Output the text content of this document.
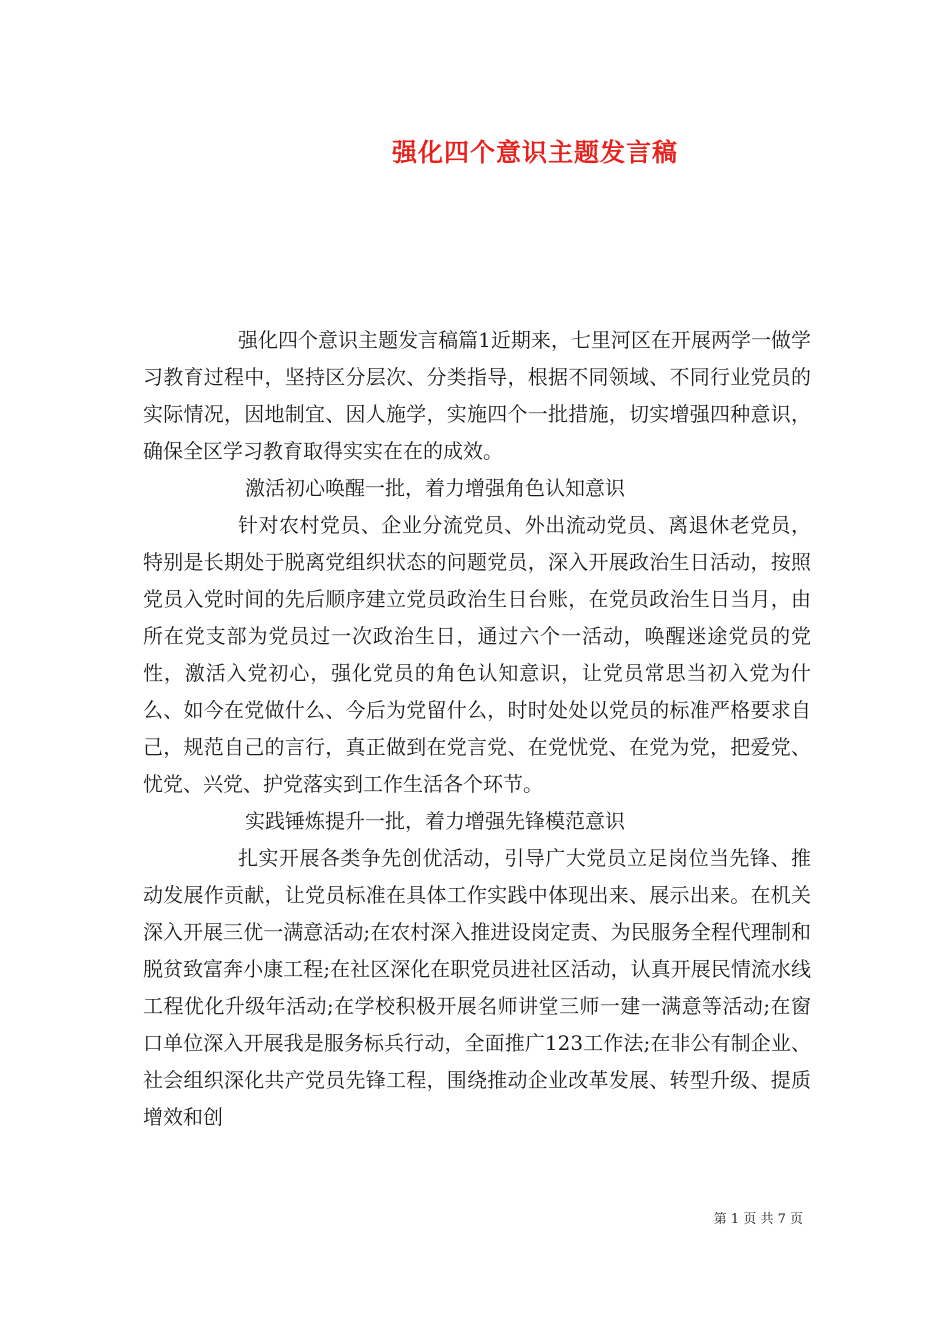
强化四个意识主题发言稿

强化四个意识主题发言稿篇1近期来，七里河区在开展两学一做学习教育过程中，坚持区分层次、分类指导，根据不同领域、不同行业党员的实际情况，因地制宜、因人施学，实施四个一批措施，切实增强四种意识，确保全区学习教育取得实实在在的成效。

激活初心唤醒一批，着力增强角色认知意识

针对农村党员、企业分流党员、外出流动党员、离退休老党员，特别是长期处于脱离党组织状态的问题党员，深入开展政治生日活动，按照党员入党时间的先后顺序建立党员政治生日台账，在党员政治生日当月，由所在党支部为党员过一次政治生日，通过六个一活动，唤醒迷途党员的党性，激活入党初心，强化党员的角色认知意识，让党员常思当初入党为什么、如今在党做什么、今后为党留什么，时时处处以党员的标准严格要求自己，规范自己的言行，真正做到在党言党、在党忧党、在党为党，把爱党、忧党、兴党、护党落实到工作生活各个环节。

实践锤炼提升一批，着力增强先锋模范意识

扎实开展各类争先创优活动，引导广大党员立足岗位当先锋、推动发展作贡献，让党员标准在具体工作实践中体现出来、展示出来。在机关深入开展三优一满意活动;在农村深入推进设岗定责、为民服务全程代理制和脱贫致富奔小康工程;在社区深化在职党员进社区活动，认真开展民情流水线工程优化升级年活动;在学校积极开展名师讲堂三师一建一满意等活动;在窗口单位深入开展我是服务标兵行动，全面推广123工作法;在非公有制企业、社会组织深化共产党员先锋工程，围绕推动企业改革发展、转型升级、提质增效和创

第 1 页 共 7 页
